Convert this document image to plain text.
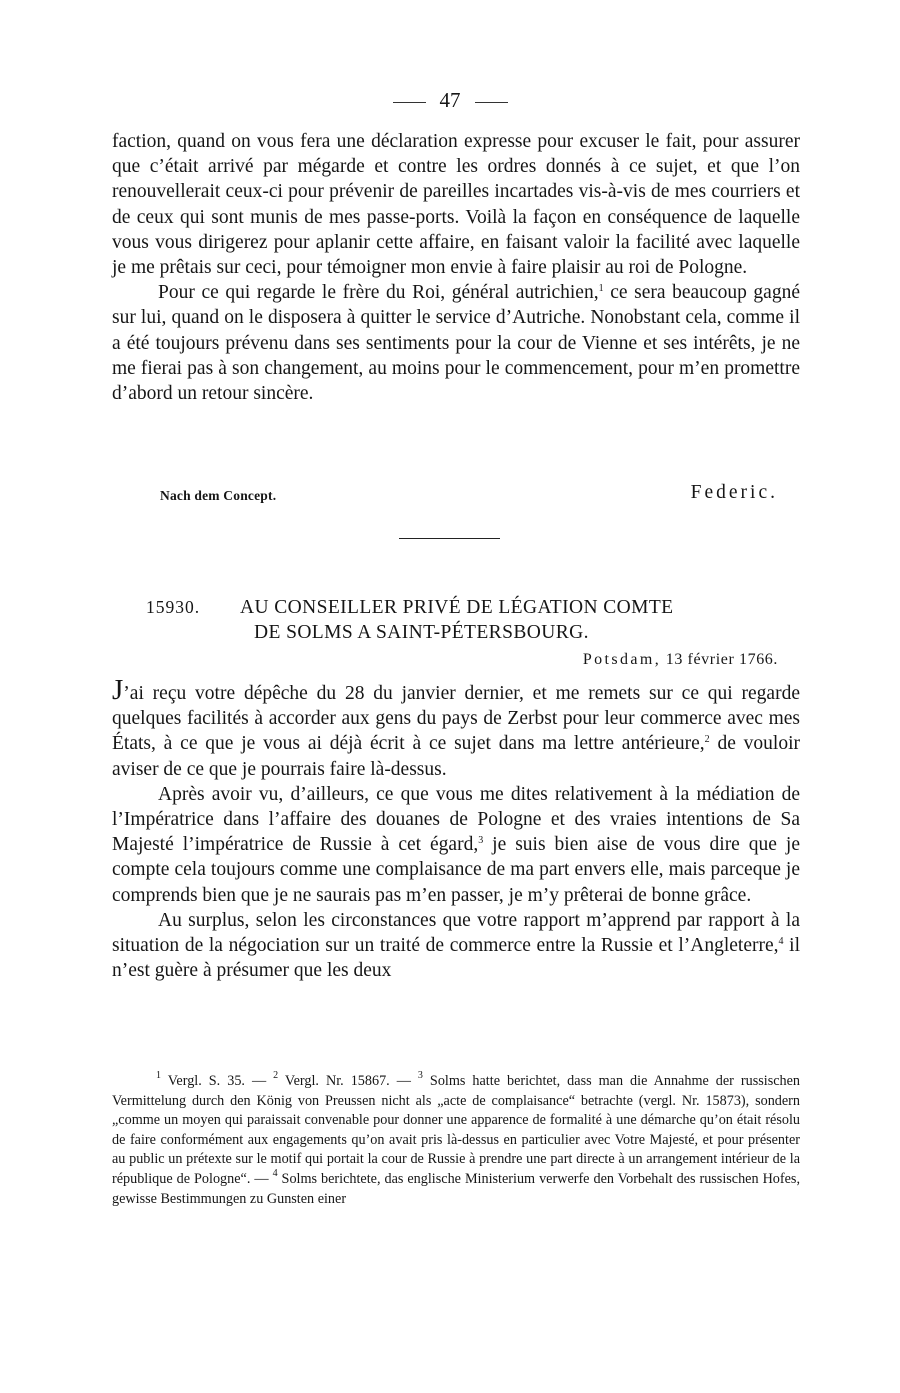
47

faction, quand on vous fera une déclaration expresse pour excuser le fait, pour assurer que c’était arrivé par mégarde et contre les ordres donnés à ce sujet, et que l’on renouvellerait ceux-ci pour prévenir de pareilles incartades vis-à-vis de mes courriers et de ceux qui sont munis de mes passe-ports. Voilà la façon en conséquence de laquelle vous vous dirigerez pour aplanir cette affaire, en faisant valoir la facilité avec laquelle je me prêtais sur ceci, pour témoigner mon envie à faire plaisir au roi de Pologne.

Pour ce qui regarde le frère du Roi, général autrichien,$^1$ ce sera beaucoup gagné sur lui, quand on le disposera à quitter le service d’Autriche. Nonobstant cela, comme il a été toujours prévenu dans ses sentiments pour la cour de Vienne et ses intérêts, je ne me fierai pas à son changement, au moins pour le commencement, pour m’en promettre d’abord un retour sincère.

Nach dem Concept.	Federic.
15930. AU CONSEILLER PRIVÉ DE LÉGATION COMTE
DE SOLMS A SAINT-PÉTERSBOURG.
Potsdam, 13 février 1766.

J’ai reçu votre dépêche du 28 du janvier dernier, et me remets sur ce qui regarde quelques facilités à accorder aux gens du pays de Zerbst pour leur commerce avec mes États, à ce que je vous ai déjà écrit à ce sujet dans ma lettre antérieure,$^2$ de vouloir aviser de ce que je pourrais faire là-dessus.

Après avoir vu, d’ailleurs, ce que vous me dites relativement à la médiation de l’Impératrice dans l’affaire des douanes de Pologne et des vraies intentions de Sa Majesté l’impératrice de Russie à cet égard,$^3$ je suis bien aise de vous dire que je compte cela toujours comme une complaisance de ma part envers elle, mais parceque je comprends bien que je ne saurais pas m’en passer, je m’y prêterai de bonne grâce.

Au surplus, selon les circonstances que votre rapport m’apprend par rapport à la situation de la négociation sur un traité de commerce entre la Russie et l’Angleterre,$^4$ il n’est guère à présumer que les deux

$^1$ Vergl. S. 35. — $^2$ Vergl. Nr. 15867. — $^3$ Solms hatte berichtet, dass man die Annahme der russischen Vermittelung durch den König von Preussen nicht als „acte de complaisance“ betrachte (vergl. Nr. 15873), sondern „comme un moyen qui paraissait convenable pour donner une apparence de formalité à une démarche qu’on était résolu de faire conformément aux engagements qu’on avait pris là-dessus en particulier avec Votre Majesté, et pour présenter au public un prétexte sur le motif qui portait la cour de Russie à prendre une part directe à un arrangement intérieur de la république de Pologne“. — $^4$ Solms berichtete, das englische Ministerium verwerfe den Vorbehalt des russischen Hofes, gewisse Bestimmungen zu Gunsten einer
